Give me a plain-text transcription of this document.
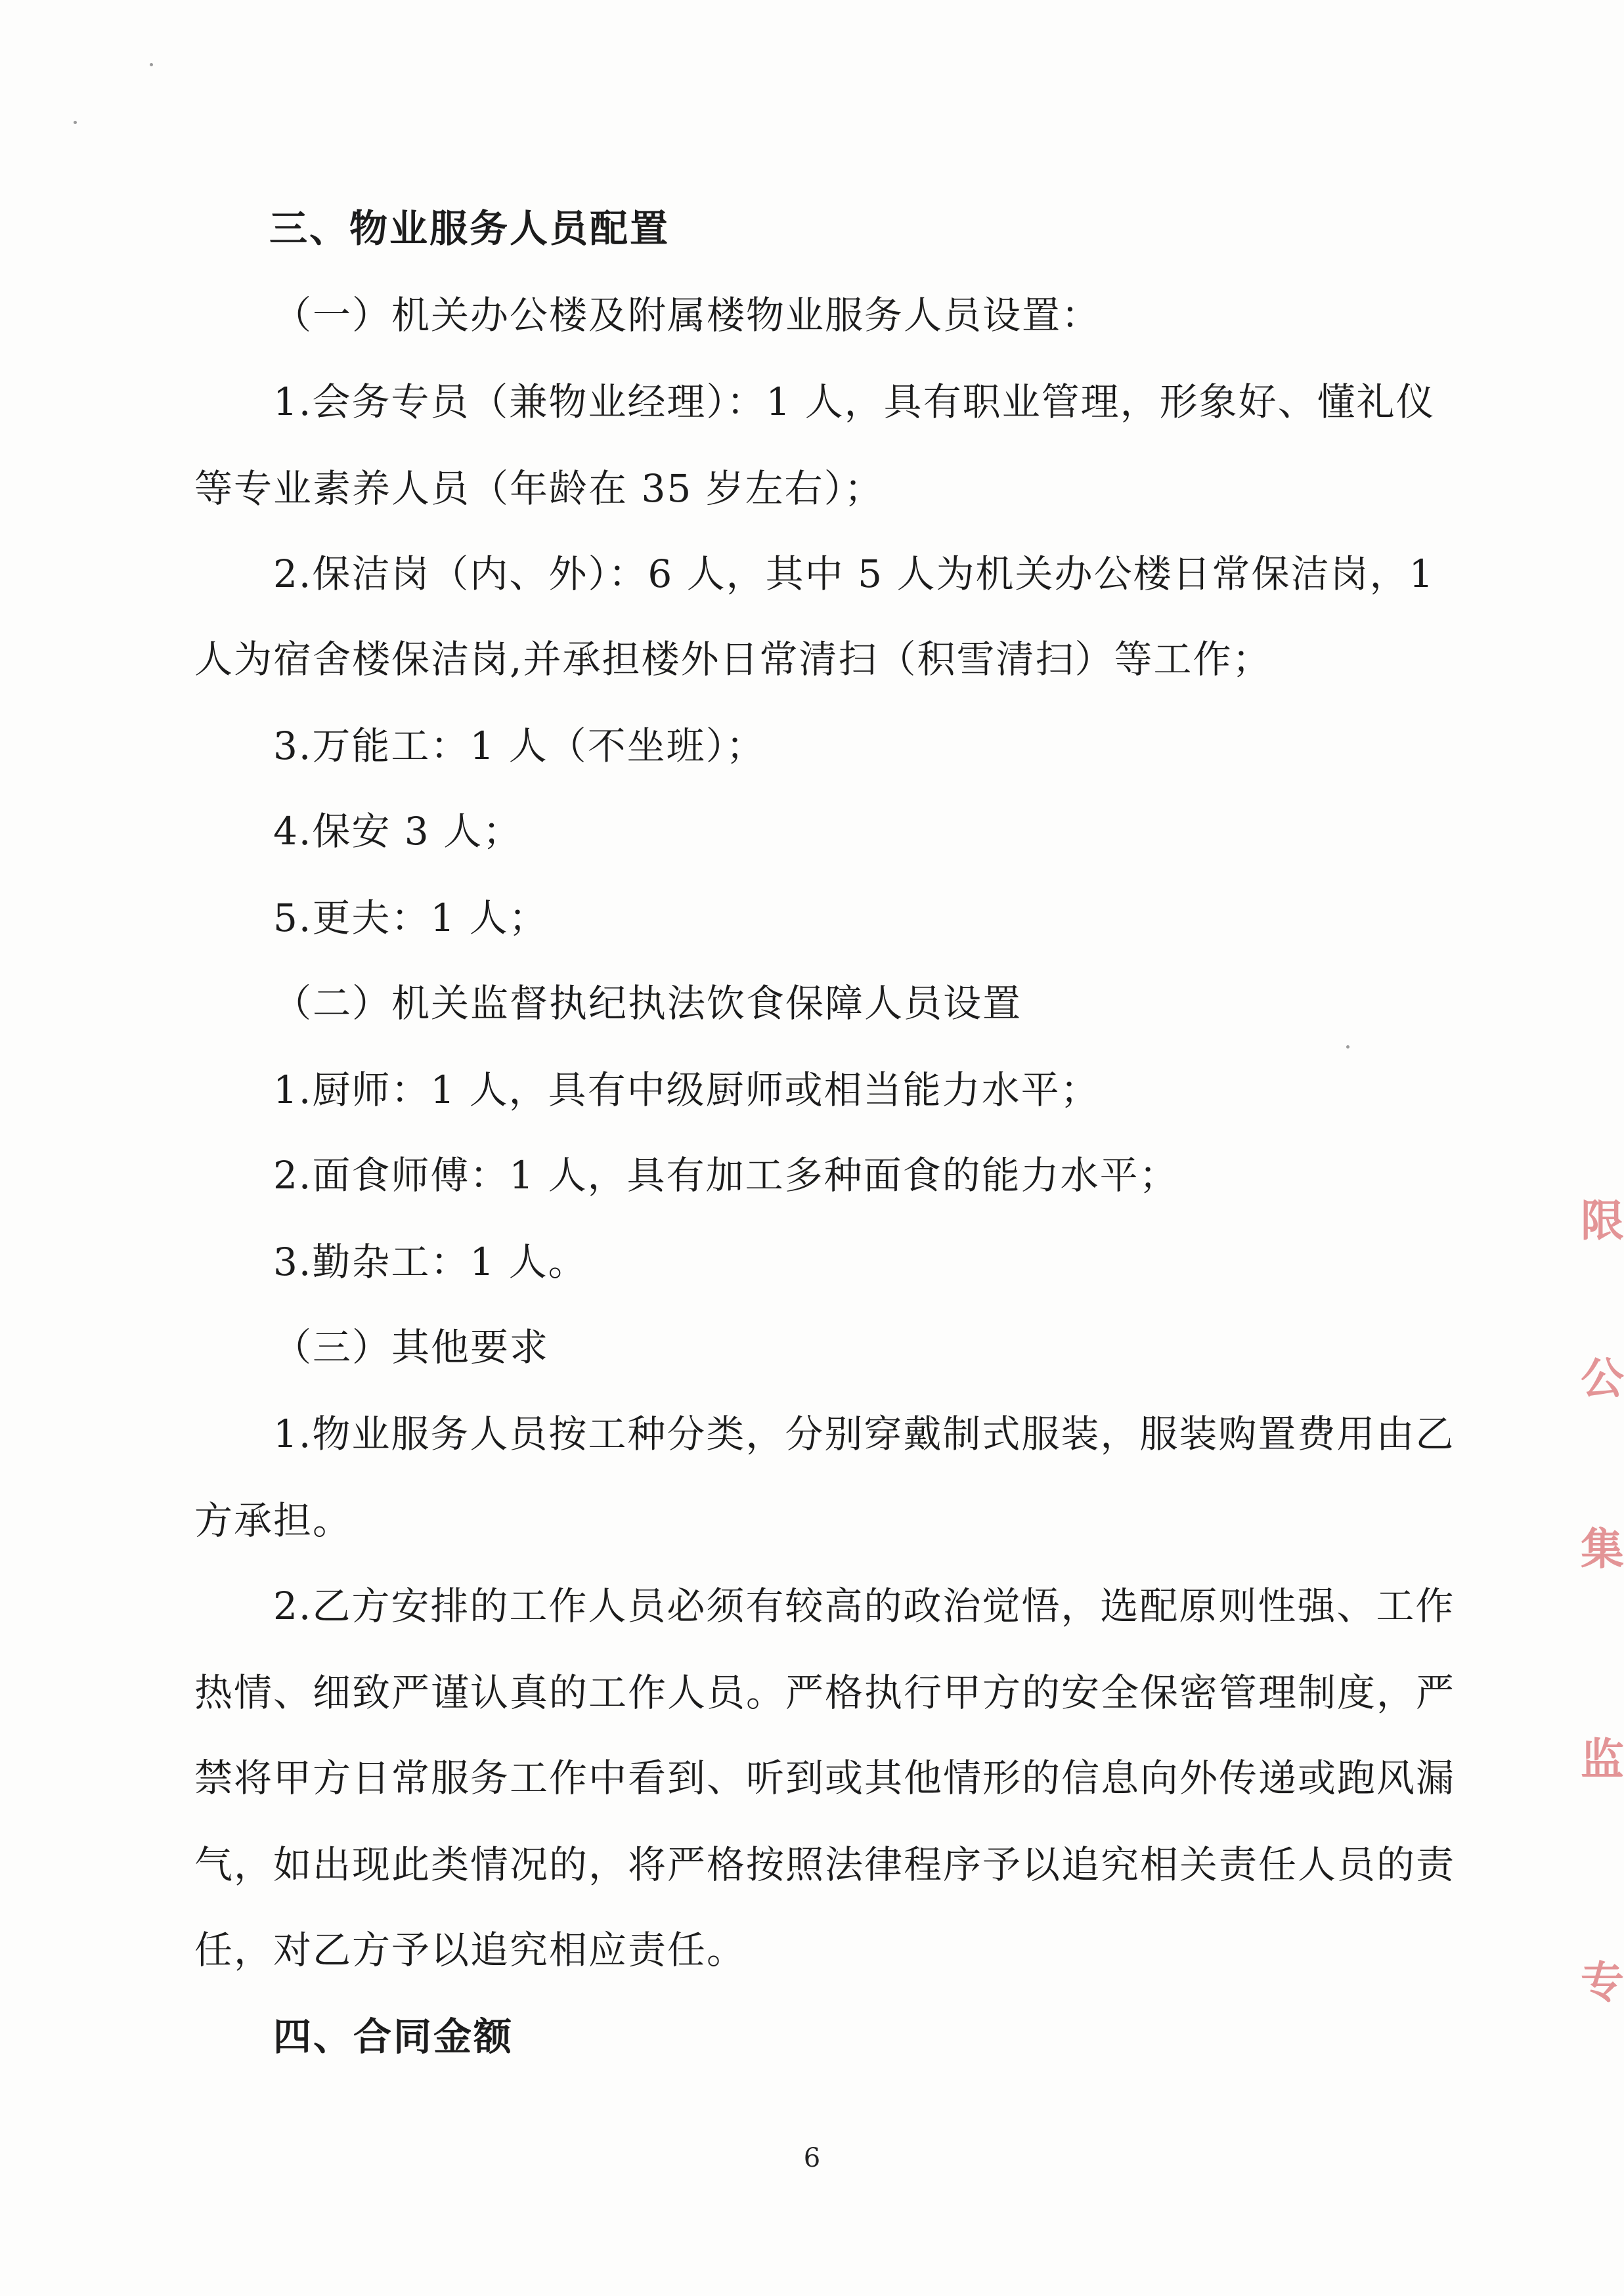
三、物业服务人员配置

（一）机关办公楼及附属楼物业服务人员设置：

1.会务专员（兼物业经理）：1 人，具有职业管理，形象好、懂礼仪

等专业素养人员（年龄在 35 岁左右）；

2.保洁岗（内、外）：6 人，其中 5 人为机关办公楼日常保洁岗，1

人为宿舍楼保洁岗,并承担楼外日常清扫（积雪清扫）等工作；

3.万能工：1 人（不坐班）；

4.保安 3 人；

5.更夫：1 人；

（二）机关监督执纪执法饮食保障人员设置

1.厨师：1 人，具有中级厨师或相当能力水平；

2.面食师傅：1 人，具有加工多种面食的能力水平；

3.勤杂工：1 人。

（三）其他要求

1.物业服务人员按工种分类，分别穿戴制式服装，服装购置费用由乙

方承担。

2.乙方安排的工作人员必须有较高的政治觉悟，选配原则性强、工作

热情、细致严谨认真的工作人员。严格执行甲方的安全保密管理制度，严

禁将甲方日常服务工作中看到、听到或其他情形的信息向外传递或跑风漏

气，如出现此类情况的，将严格按照法律程序予以追究相关责任人员的责

任，对乙方予以追究相应责任。

四、合同金额

6
限
公
集
监
专
